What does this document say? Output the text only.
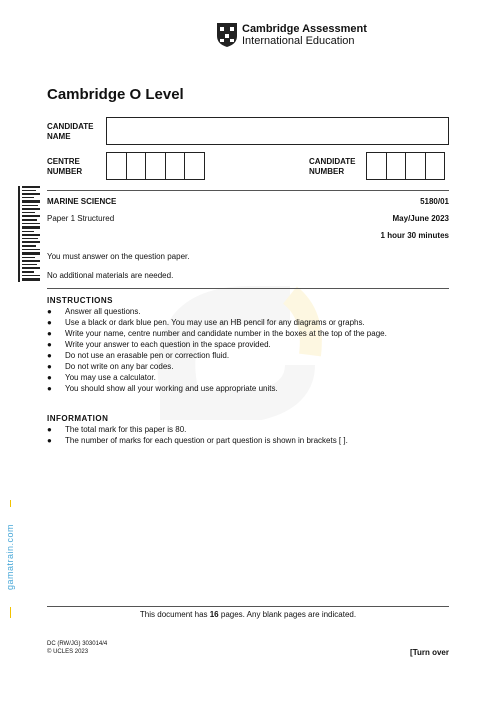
Cambridge Assessment
International Education
Cambridge O Level
CANDIDATE
NAME
CENTRE
NUMBER
CANDIDATE
NUMBER
MARINE SCIENCE	5180/01
Paper 1 Structured	May/June 2023
1 hour 30 minutes
You must answer on the question paper.
No additional materials are needed.
INSTRUCTIONS
● Answer all questions.
● Use a black or dark blue pen. You may use an HB pencil for any diagrams or graphs.
● Write your name, centre number and candidate number in the boxes at the top of the page.
● Write your answer to each question in the space provided.
● Do not use an erasable pen or correction fluid.
● Do not write on any bar codes.
● You may use a calculator.
● You should show all your working and use appropriate units.
INFORMATION
● The total mark for this paper is 80.
● The number of marks for each question or part question is shown in brackets [ ].
gamatrain.com
This document has 16 pages. Any blank pages are indicated.
DC (RW/JG) 303014/4
© UCLES 2023	[Turn over
